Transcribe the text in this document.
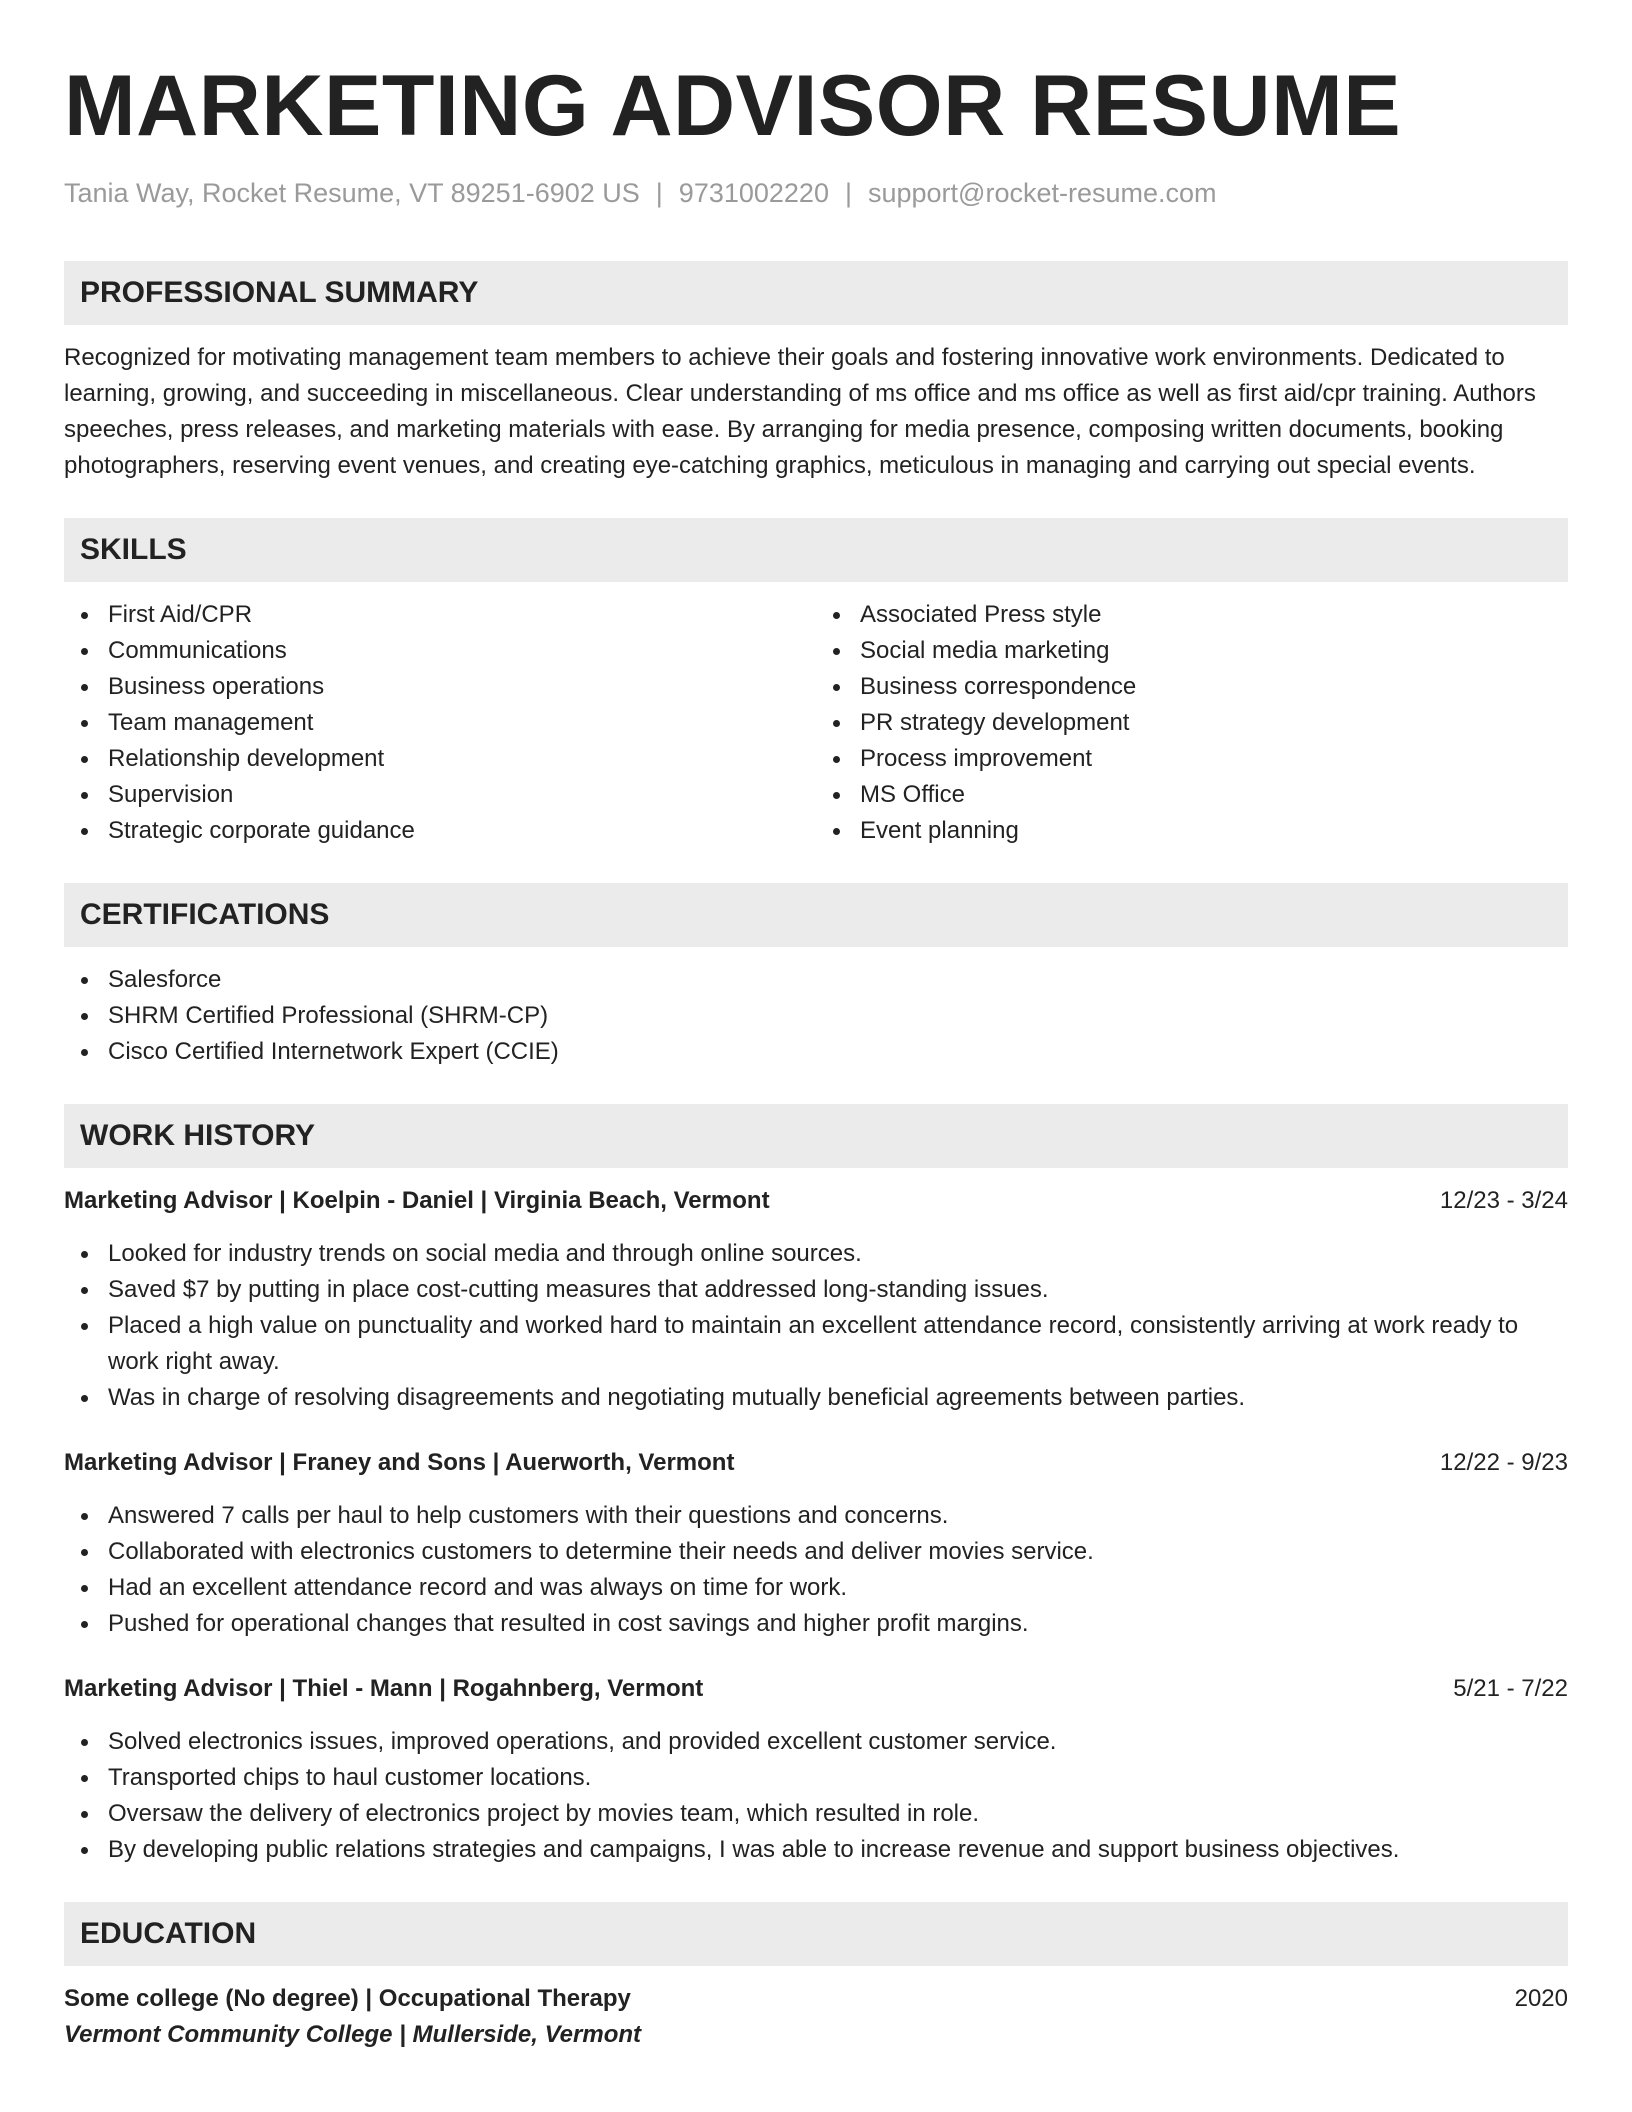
MARKETING ADVISOR RESUME
Tania Way, Rocket Resume, VT 89251-6902 US | 9731002220 | support@rocket-resume.com
PROFESSIONAL SUMMARY

Recognized for motivating management team members to achieve their goals and fostering innovative work environments. Dedicated to learning, growing, and succeeding in miscellaneous. Clear understanding of ms office and ms office as well as first aid/cpr training. Authors speeches, press releases, and marketing materials with ease. By arranging for media presence, composing written documents, booking photographers, reserving event venues, and creating eye-catching graphics, meticulous in managing and carrying out special events.

SKILLS
First Aid/CPR
Communications
Business operations
Team management
Relationship development
Supervision
Strategic corporate guidance
Associated Press style
Social media marketing
Business correspondence
PR strategy development
Process improvement
MS Office
Event planning
CERTIFICATIONS
Salesforce
SHRM Certified Professional (SHRM-CP)
Cisco Certified Internetwork Expert (CCIE)
WORK HISTORY
Marketing Advisor | Koelpin - Daniel | Virginia Beach, Vermont	12/23 - 3/24
Looked for industry trends on social media and through online sources.
Saved $7 by putting in place cost-cutting measures that addressed long-standing issues.
Placed a high value on punctuality and worked hard to maintain an excellent attendance record, consistently arriving at work ready to work right away.
Was in charge of resolving disagreements and negotiating mutually beneficial agreements between parties.
Marketing Advisor | Franey and Sons | Auerworth, Vermont	12/22 - 9/23
Answered 7 calls per haul to help customers with their questions and concerns.
Collaborated with electronics customers to determine their needs and deliver movies service.
Had an excellent attendance record and was always on time for work.
Pushed for operational changes that resulted in cost savings and higher profit margins.
Marketing Advisor | Thiel - Mann | Rogahnberg, Vermont	5/21 - 7/22
Solved electronics issues, improved operations, and provided excellent customer service.
Transported chips to haul customer locations.
Oversaw the delivery of electronics project by movies team, which resulted in role.
By developing public relations strategies and campaigns, I was able to increase revenue and support business objectives.
EDUCATION
Some college (No degree) | Occupational Therapy	2020
Vermont Community College | Mullerside, Vermont
